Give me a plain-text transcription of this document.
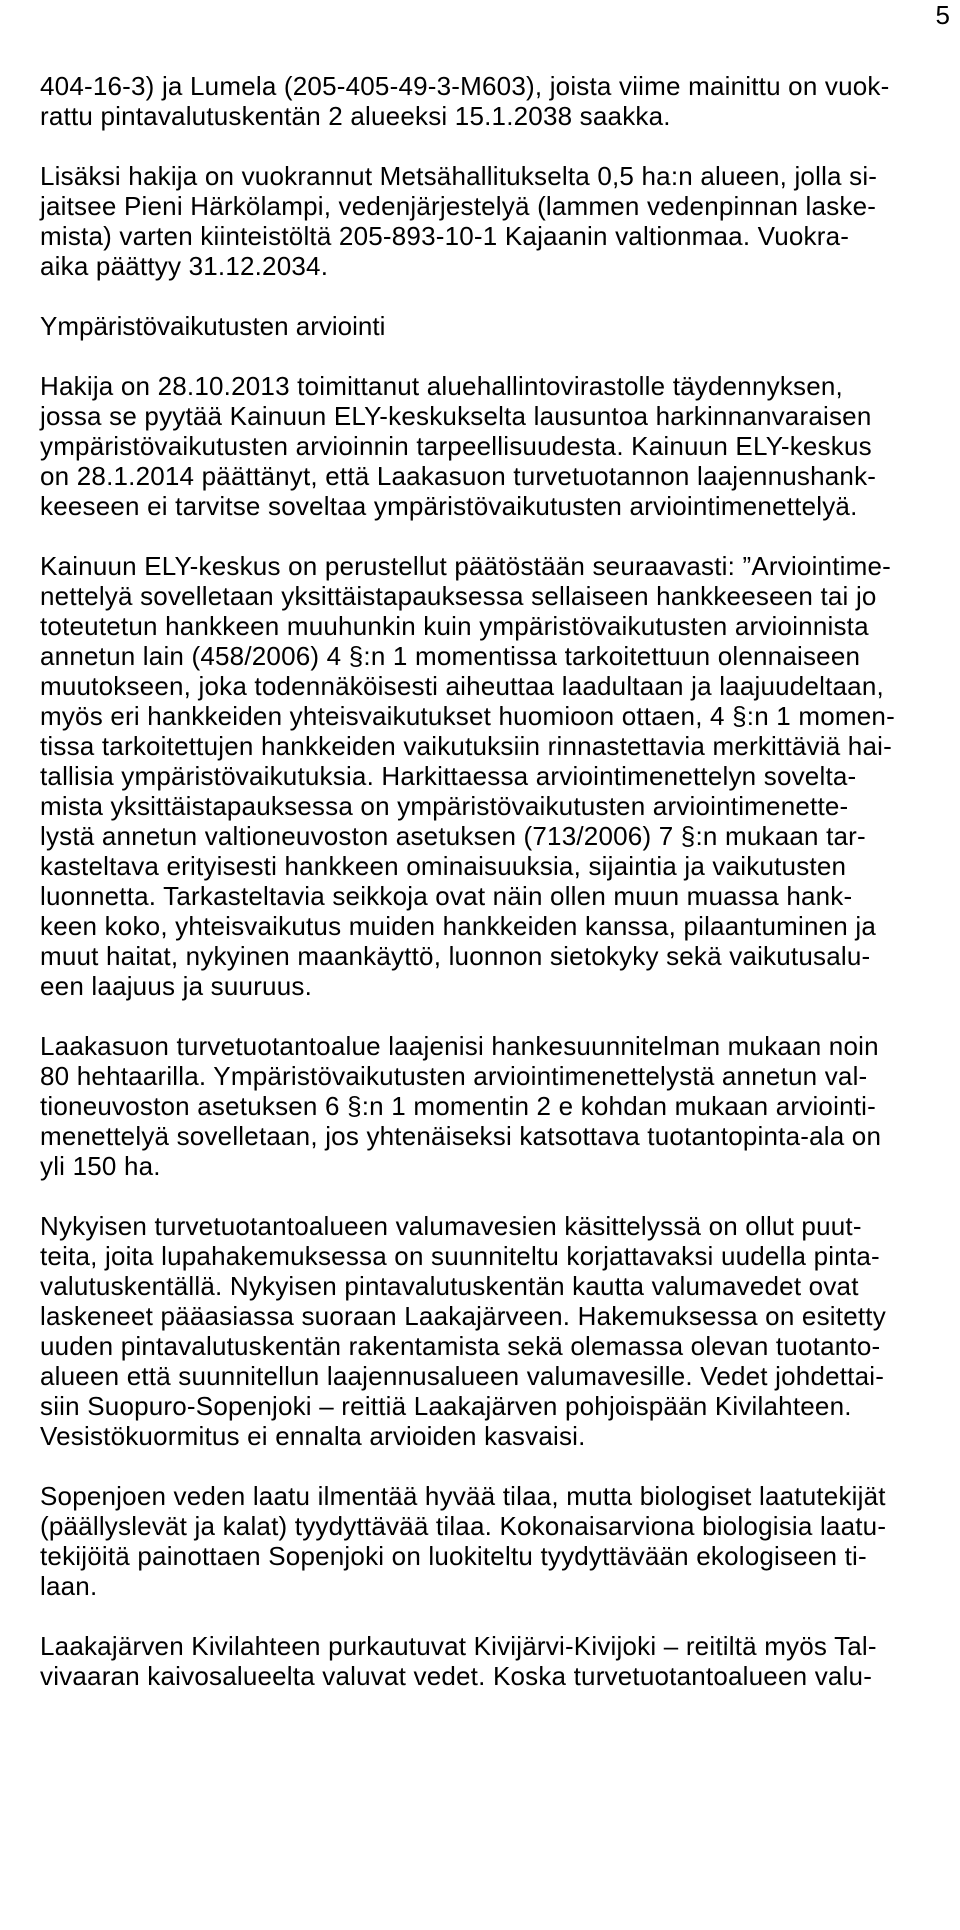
5
404-16-3) ja Lumela (205-405-49-3-M603), joista viime mainittu on vuok-
rattu pintavalutuskentän 2 alueeksi 15.1.2038 saakka.
Lisäksi hakija on vuokrannut Metsähallitukselta 0,5 ha:n alueen, jolla si-
jaitsee Pieni Härkölampi, vedenjärjestelyä (lammen vedenpinnan laske-
mista) varten kiinteistöltä 205-893-10-1 Kajaanin valtionmaa. Vuokra-
aika päättyy 31.12.2034.
Ympäristövaikutusten arviointi
Hakija on 28.10.2013 toimittanut aluehallintovirastolle täydennyksen,
jossa se pyytää Kainuun ELY-keskukselta lausuntoa harkinnanvaraisen
ympäristövaikutusten arvioinnin tarpeellisuudesta. Kainuun ELY-keskus
on 28.1.2014 päättänyt, että Laakasuon turvetuotannon laajennushank-
keeseen ei tarvitse soveltaa ympäristövaikutusten arviointimenettelyä.
Kainuun ELY-keskus on perustellut päätöstään seuraavasti: ”Arviointime-
nettelyä sovelletaan yksittäistapauksessa sellaiseen hankkeeseen tai jo
toteutetun hankkeen muuhunkin kuin ympäristövaikutusten arvioinnista
annetun lain (458/2006) 4 §:n 1 momentissa tarkoitettuun olennaiseen
muutokseen, joka todennäköisesti aiheuttaa laadultaan ja laajuudeltaan,
myös eri hankkeiden yhteisvaikutukset huomioon ottaen, 4 §:n 1 momen-
tissa tarkoitettujen hankkeiden vaikutuksiin rinnastettavia merkittäviä hai-
tallisia ympäristövaikutuksia. Harkittaessa arviointimenettelyn soveltа-
mista yksittäistapauksessa on ympäristövaikutusten arviointimenette-
lystä annetun valtioneuvoston asetuksen (713/2006) 7 §:n mukaan tar-
kasteltava erityisesti hankkeen ominaisuuksia, sijaintia ja vaikutusten
luonnetta. Tarkasteltavia seikkoja ovat näin ollen muun muassa hank-
keen koko, yhteisvaikutus muiden hankkeiden kanssa, pilaantuminen ja
muut haitat, nykyinen maankäyttö, luonnon sietokyky sekä vaikutusalu-
een laajuus ja suuruus.
Laakasuon turvetuotantoalue laajenisi hankesuunnitelman mukaan noin
80 hehtaarilla. Ympäristövaikutusten arviointimenettelystä annetun val-
tioneuvoston asetuksen 6 §:n 1 momentin 2 e kohdan mukaan arviointi-
menettelyä sovelletaan, jos yhtenäiseksi katsottava tuotantopinta-ala on
yli 150 ha.
Nykyisen turvetuotantoalueen valumavesien käsittelyssä on ollut puut-
teita, joita lupahakemuksessa on suunniteltu korjattavaksi uudella pinta-
valutuskentällä. Nykyisen pintavalutuskentän kautta valumavedet ovat
laskeneet pääasiassa suoraan Laakajärveen. Hakemuksessa on esitetty
uuden pintavalutuskentän rakentamista sekä olemassa olevan tuotanto-
alueen että suunnitellun laajennusalueen valumavesille. Vedet johdettai-
siin Suopuro-Sopenjoki – reittiä Laakajärven pohjoispään Kivilahteen.
Vesistökuormitus ei ennalta arvioiden kasvaisi.
Sopenjoen veden laatu ilmentää hyvää tilaa, mutta biologiset laatutekijät
(päällyslevät ja kalat) tyydyttävää tilaa. Kokonaisarviona biologisia laatu-
tekijöitä painottaen Sopenjoki on luokiteltu tyydyttävään ekologiseen ti-
laan.
Laakajärven Kivilahteen purkautuvat Kivijärvi-Kivijoki – reitiltä myös Tal-
vivaaran kaivosalueelta valuvat vedet. Koska turvetuotantoalueen valu-
